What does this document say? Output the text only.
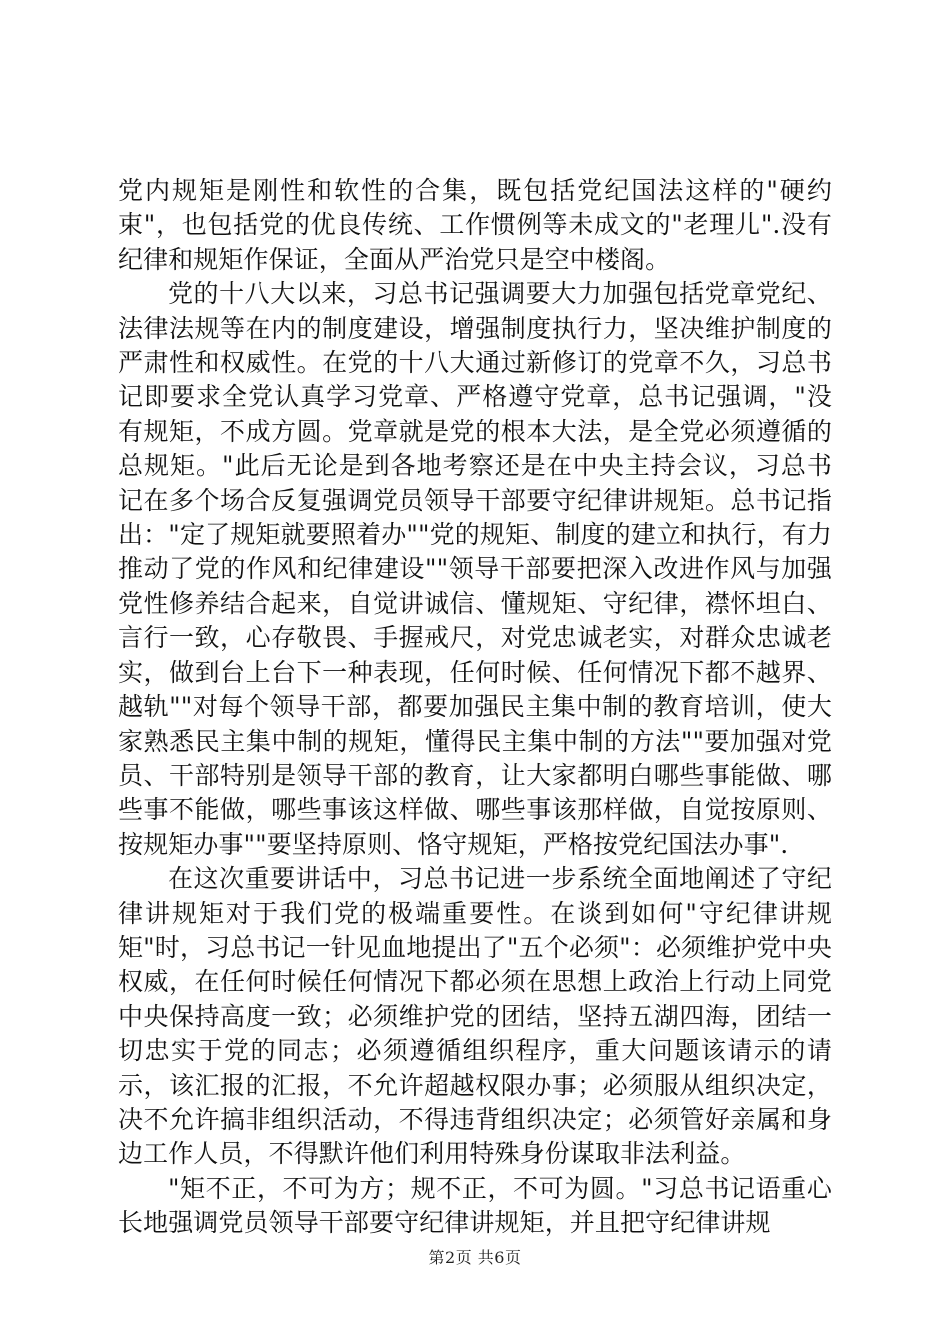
党内规矩是刚性和软性的合集，既包括党纪国法这样的"硬约束"，也包括党的优良传统、工作惯例等未成文的"老理儿".没有纪律和规矩作保证，全面从严治党只是空中楼阁。

党的十八大以来，习总书记强调要大力加强包括党章党纪、法律法规等在内的制度建设，增强制度执行力，坚决维护制度的严肃性和权威性。在党的十八大通过新修订的党章不久，习总书记即要求全党认真学习党章、严格遵守党章，总书记强调，"没有规矩，不成方圆。党章就是党的根本大法，是全党必须遵循的总规矩。"此后无论是到各地考察还是在中央主持会议，习总书记在多个场合反复强调党员领导干部要守纪律讲规矩。总书记指出："定了规矩就要照着办""党的规矩、制度的建立和执行，有力推动了党的作风和纪律建设""领导干部要把深入改进作风与加强党性修养结合起来，自觉讲诚信、懂规矩、守纪律，襟怀坦白、言行一致，心存敬畏、手握戒尺，对党忠诚老实，对群众忠诚老实，做到台上台下一种表现，任何时候、任何情况下都不越界、越轨""对每个领导干部，都要加强民主集中制的教育培训，使大家熟悉民主集中制的规矩，懂得民主集中制的方法""要加强对党员、干部特别是领导干部的教育，让大家都明白哪些事能做、哪些事不能做，哪些事该这样做、哪些事该那样做，自觉按原则、按规矩办事""要坚持原则、恪守规矩，严格按党纪国法办事".

在这次重要讲话中，习总书记进一步系统全面地阐述了守纪律讲规矩对于我们党的极端重要性。在谈到如何"守纪律讲规矩"时，习总书记一针见血地提出了"五个必须"：必须维护党中央权威，在任何时候任何情况下都必须在思想上政治上行动上同党中央保持高度一致；必须维护党的团结，坚持五湖四海，团结一切忠实于党的同志；必须遵循组织程序，重大问题该请示的请示，该汇报的汇报，不允许超越权限办事；必须服从组织决定，决不允许搞非组织活动，不得违背组织决定；必须管好亲属和身边工作人员，不得默许他们利用特殊身份谋取非法利益。

"矩不正，不可为方；规不正，不可为圆。"习总书记语重心长地强调党员领导干部要守纪律讲规矩，并且把守纪律讲规

第2页 共6页
